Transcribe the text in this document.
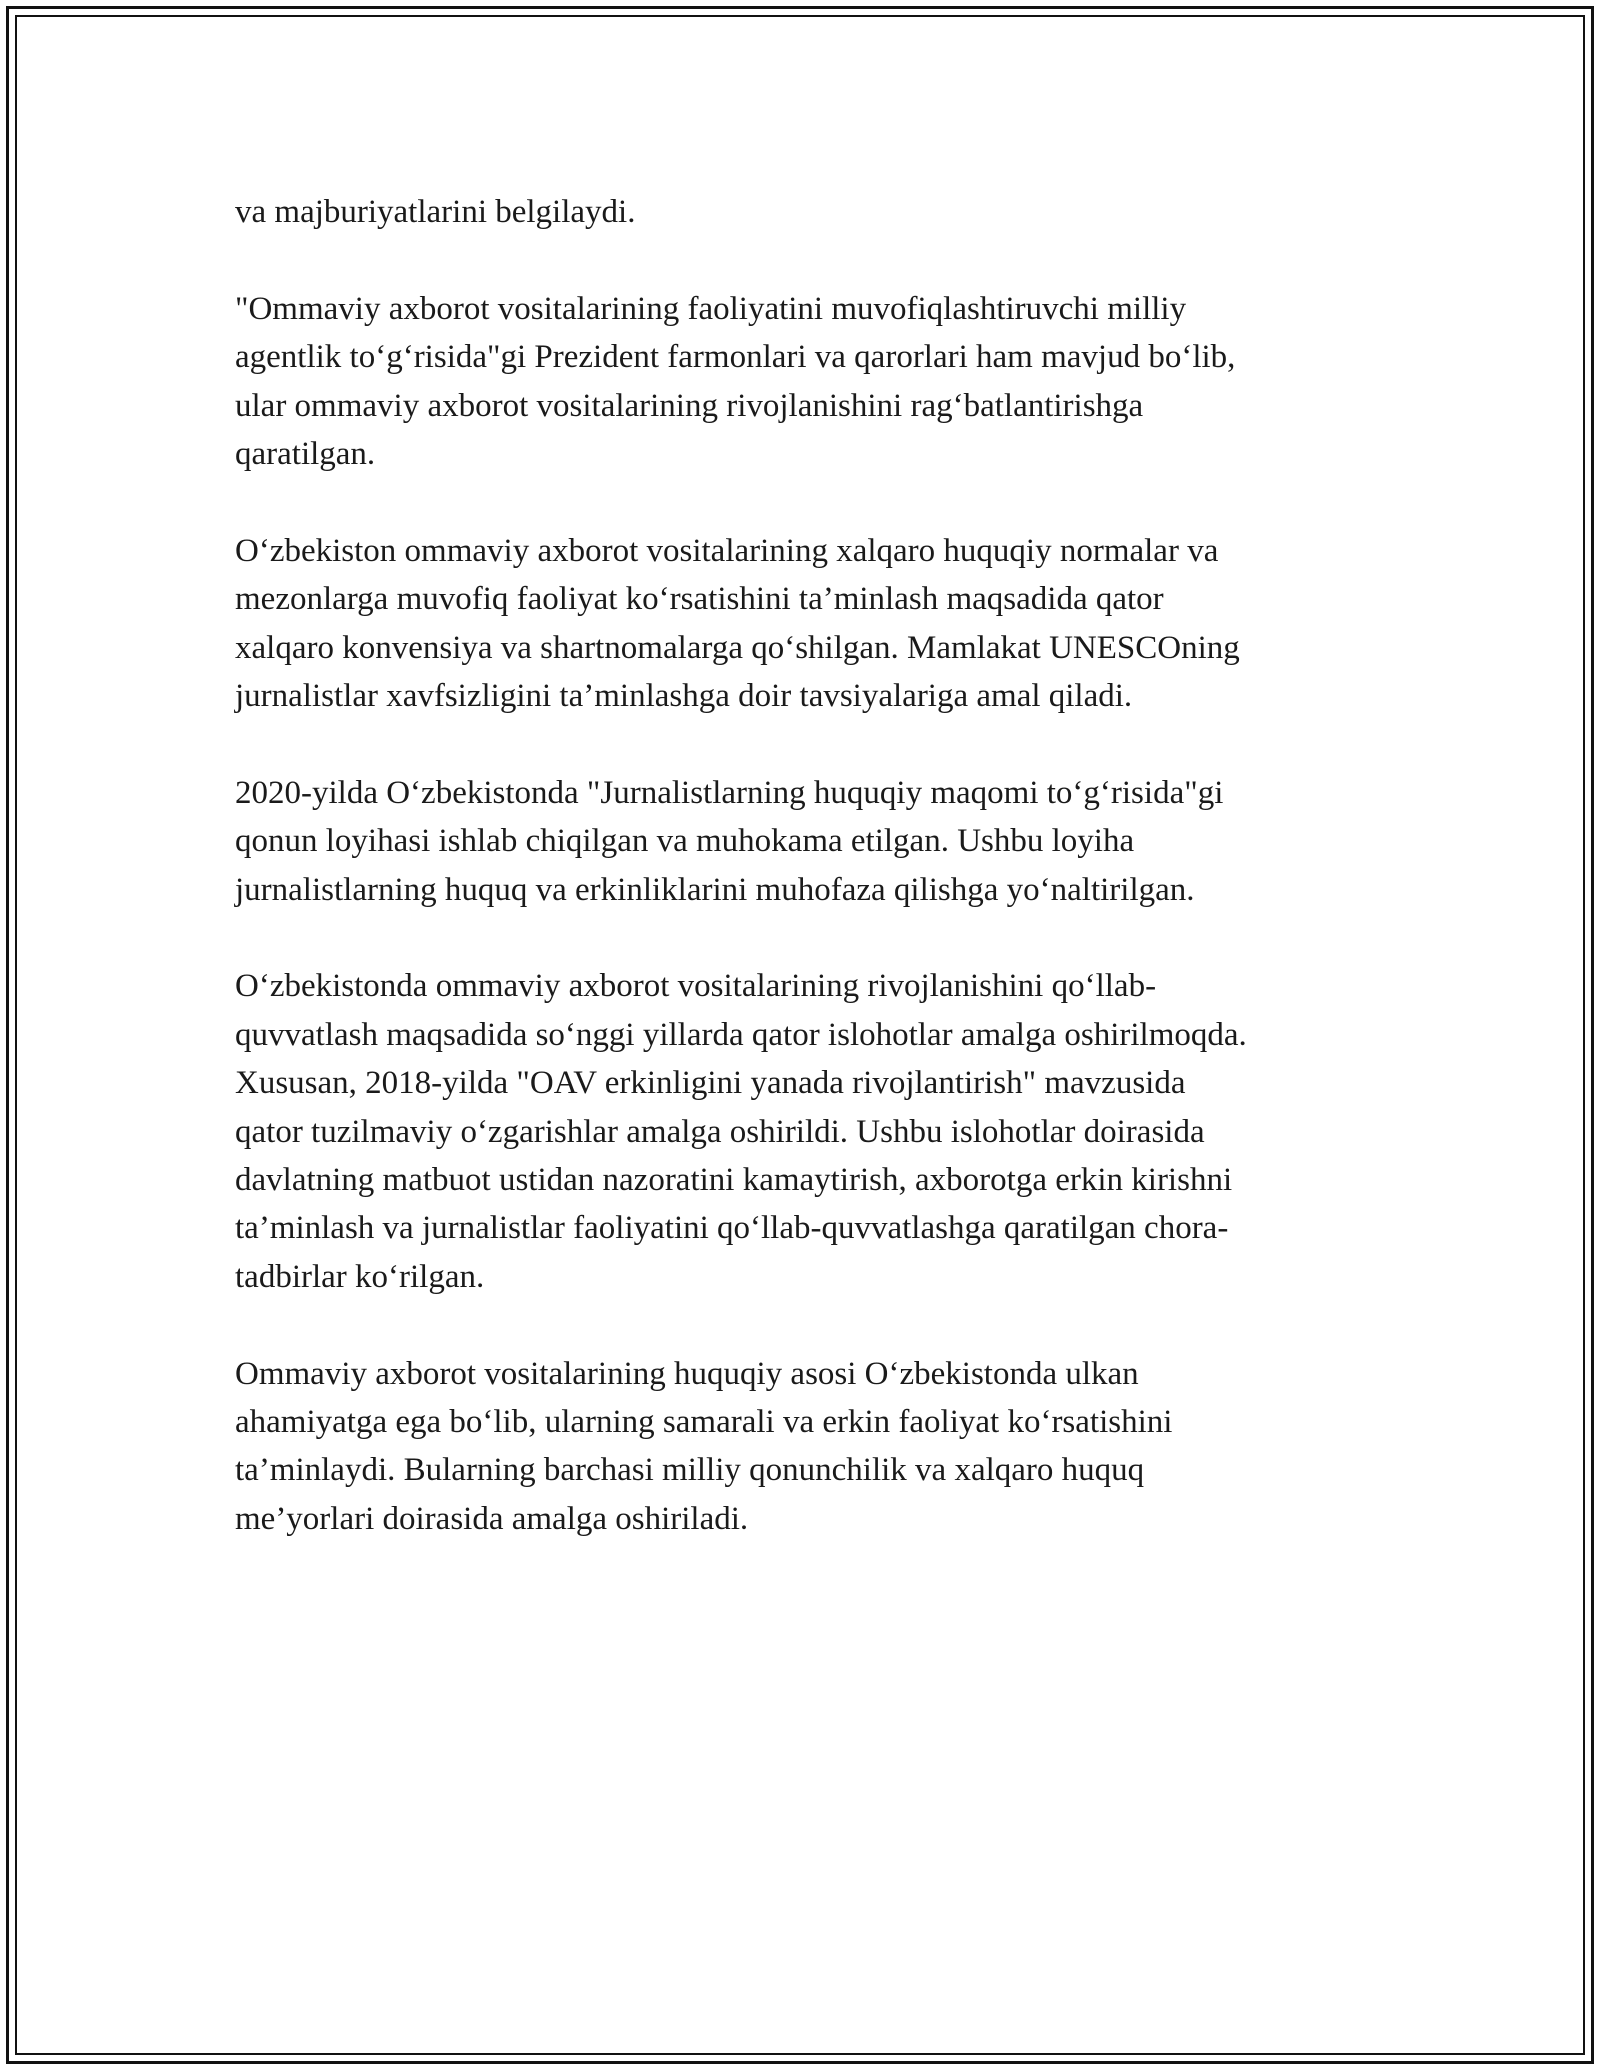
va majburiyatlarini belgilaydi.

"Ommaviy axborot vositalarining faoliyatini muvofiqlashtiruvchi milliy
agentlik to‘g‘risida"gi Prezident farmonlari va qarorlari ham mavjud bo‘lib,
ular ommaviy axborot vositalarining rivojlanishini rag‘batlantirishga
qaratilgan.

O‘zbekiston ommaviy axborot vositalarining xalqaro huquqiy normalar va
mezonlarga muvofiq faoliyat ko‘rsatishini ta’minlash maqsadida qator
xalqaro konvensiya va shartnomalarga qo‘shilgan. Mamlakat UNESCOning
jurnalistlar xavfsizligini ta’minlashga doir tavsiyalariga amal qiladi.

2020-yilda O‘zbekistonda "Jurnalistlarning huquqiy maqomi to‘g‘risida"gi
qonun loyihasi ishlab chiqilgan va muhokama etilgan. Ushbu loyiha
jurnalistlarning huquq va erkinliklarini muhofaza qilishga yo‘naltirilgan.

O‘zbekistonda ommaviy axborot vositalarining rivojlanishini qo‘llab-
quvvatlash maqsadida so‘nggi yillarda qator islohotlar amalga oshirilmoqda.
Xususan, 2018-yilda "OAV erkinligini yanada rivojlantirish" mavzusida
qator tuzilmaviy o‘zgarishlar amalga oshirildi. Ushbu islohotlar doirasida
davlatning matbuot ustidan nazoratini kamaytirish, axborotga erkin kirishni
ta’minlash va jurnalistlar faoliyatini qo‘llab-quvvatlashga qaratilgan chora-
tadbirlar ko‘rilgan.

Ommaviy axborot vositalarining huquqiy asosi O‘zbekistonda ulkan
ahamiyatga ega bo‘lib, ularning samarali va erkin faoliyat ko‘rsatishini
ta’minlaydi. Bularning barchasi milliy qonunchilik va xalqaro huquq
me’yorlari doirasida amalga oshiriladi.
